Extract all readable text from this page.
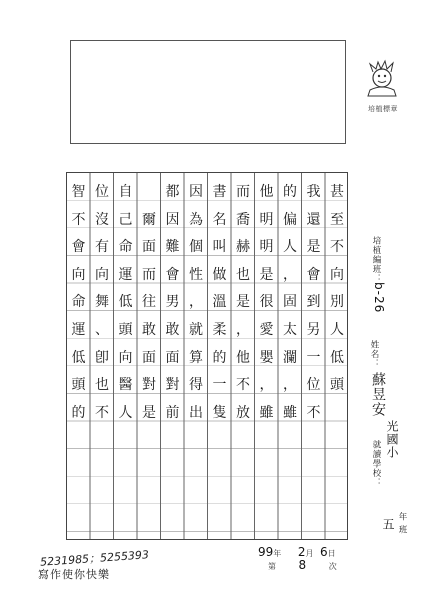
培植標章
甚
至
不
向
別
人
低
頭
我
還
是
會
到
另
一
位
不
的
偏
人
，
固
太
瀾
，
雖
他
明
明
是
很
愛
嬰
，
雖
而
喬
赫
也
是
，
他
不
放
書
名
叫
做
溫
柔
的
一
隻
因
為
個
性
，
就
算
得
出
都
因
難
會
男
敢
面
對
前
爾
面
而
往
敢
面
對
是
自
己
命
運
低
頭
向
醫
人
位
沒
有
向
舞
、
卽
也
不
智
不
會
向
命
運
低
頭
的
培植編班：
b-26
姓名：
蘇昱安
就讀學校：
光國小
年 班
五
5231985；5255393
寫作使你快樂
99年 2月 6日
第 8	次
